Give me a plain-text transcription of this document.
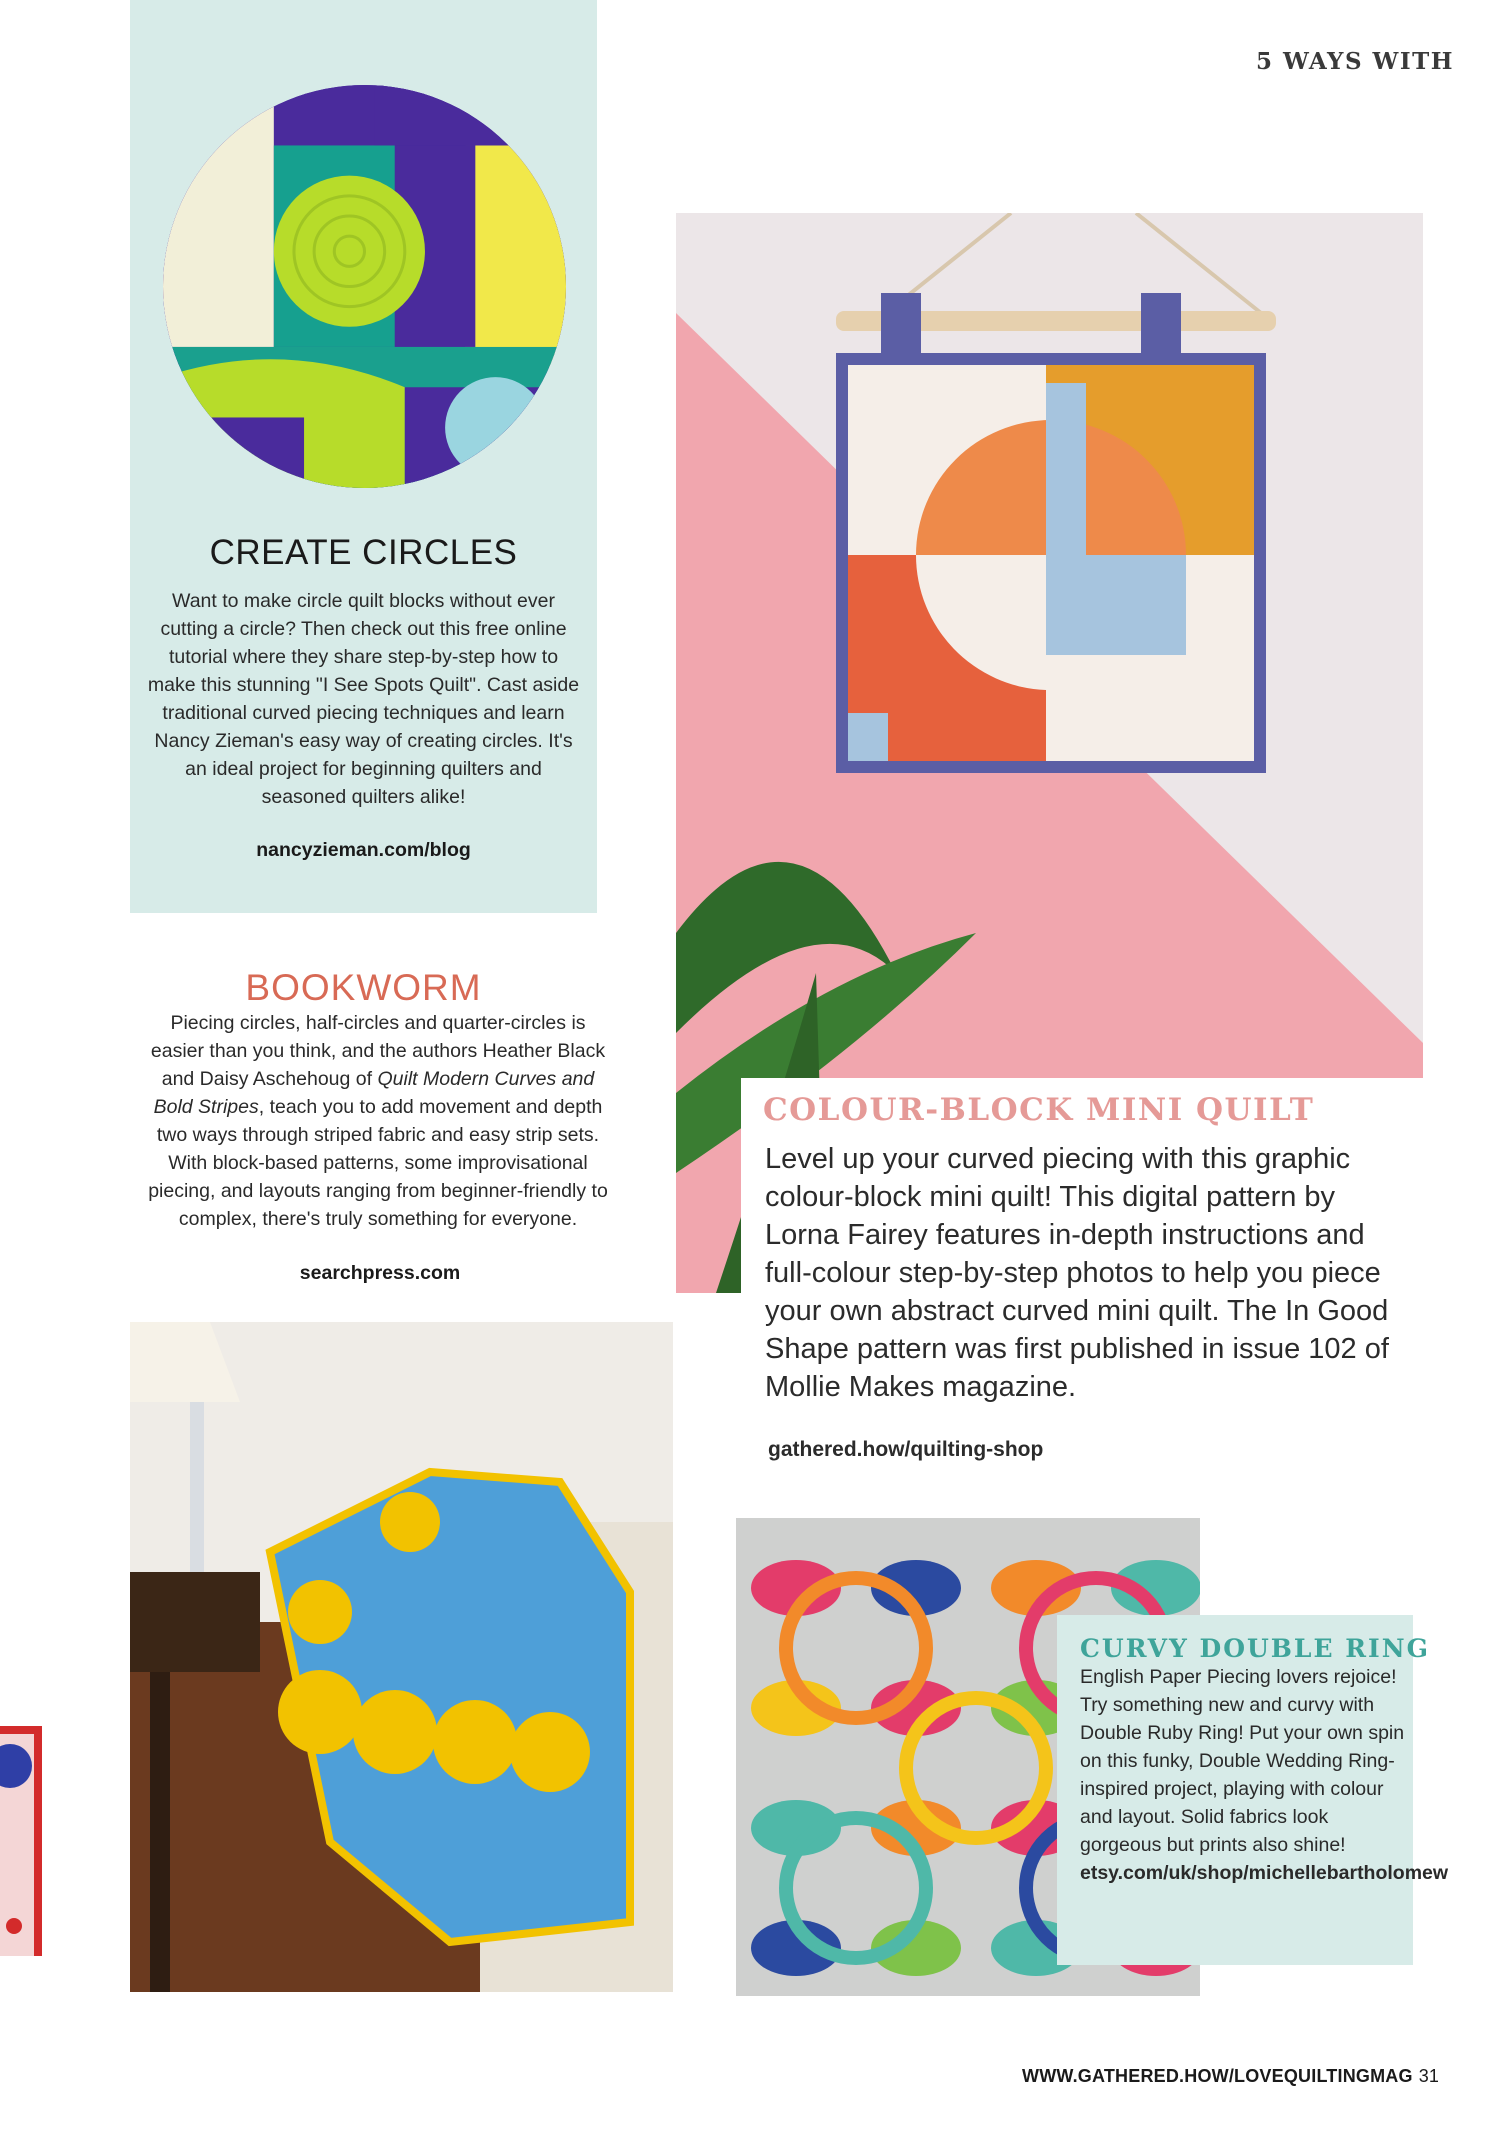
5 WAYS WITH
CREATE CIRCLES
Want to make circle quilt blocks without ever cutting a circle? Then check out this free online tutorial where they share step-by-step how to make this stunning "I See Spots Quilt". Cast aside traditional curved piecing techniques and learn Nancy Zieman's easy way of creating circles. It's an ideal project for beginning quilters and seasoned quilters alike!
nancyzieman.com/blog
BOOKWORM
Piecing circles, half-circles and quarter-circles is easier than you think, and the authors Heather Black and Daisy Aschehoug of Quilt Modern Curves and Bold Stripes, teach you to add movement and depth two ways through striped fabric and easy strip sets. With block-based patterns, some improvisational piecing, and layouts ranging from beginner-friendly to complex, there's truly something for everyone.
searchpress.com
COLOUR-BLOCK MINI QUILT
Level up your curved piecing with this graphic colour-block mini quilt! This digital pattern by Lorna Fairey features in-depth instructions and full-colour step-by-step photos to help you piece your own abstract curved mini quilt. The In Good Shape pattern was first published in issue 102 of Mollie Makes magazine.
gathered.how/quilting-shop
CURVY DOUBLE RING
English Paper Piecing lovers rejoice! Try something new and curvy with Double Ruby Ring! Put your own spin on this funky, Double Wedding Ring-inspired project, playing with colour and layout. Solid fabrics look gorgeous but prints also shine! etsy.com/uk/shop/michellebartholomew
WWW.GATHERED.HOW/LOVEQUILTINGMAG 31
